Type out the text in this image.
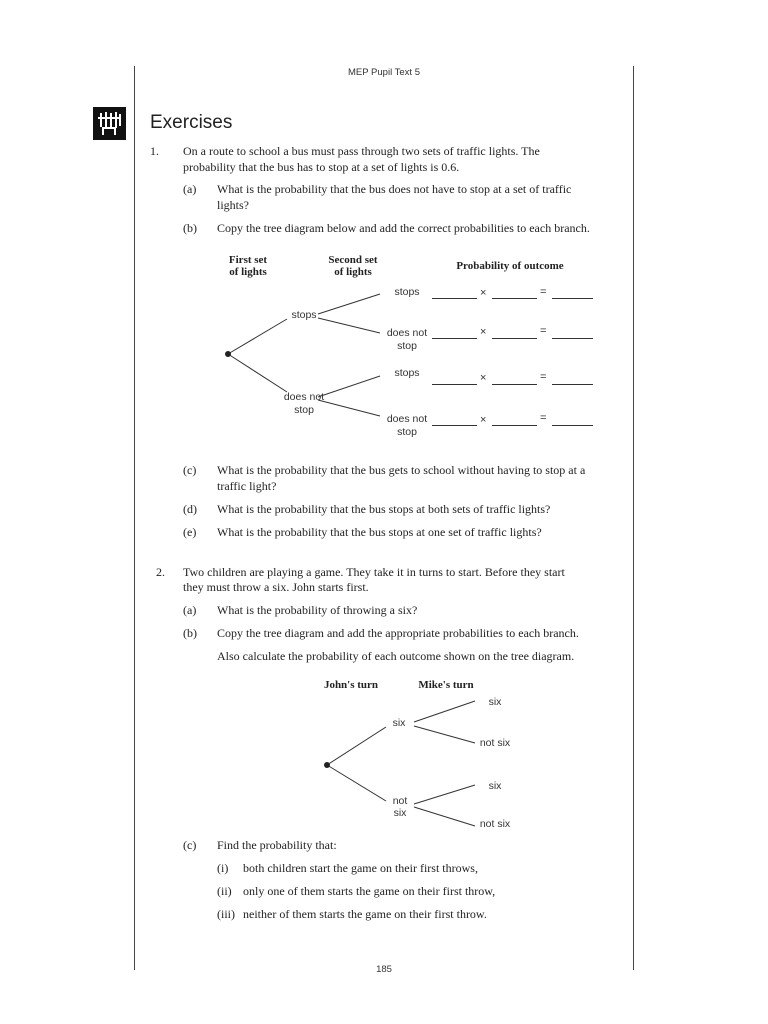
MEP Pupil Text 5
Exercises
1. On a route to school a bus must pass through two sets of traffic lights. The
probability that the bus has to stop at a set of lights is 0.6.
(a) What is the probability that the bus does not have to stop at a set of traffic
lights?
(b) Copy the tree diagram below and add the correct probabilities to each branch.
First set
of lights
Second set
of lights	Probability of outcome
stops
does not
stop
stops
does not
stop
stops
does not
stop
×	=
×	=
×	=
×	=
(c) What is the probability that the bus gets to school without having to stop at a
traffic light?
(d) What is the probability that the bus stops at both sets of traffic lights?
(e) What is the probability that the bus stops at one set of traffic lights?
2. Two children are playing a game. They take it in turns to start. Before they start
they must throw a six. John starts first.
(a) What is the probability of throwing a six?
(b) Copy the tree diagram and add the appropriate probabilities to each branch.
Also calculate the probability of each outcome shown on the tree diagram.
John's turn	Mike's turn
six
not
six
six
not six
six
not six
(c) Find the probability that:
(i) both children start the game on their first throws,
(ii) only one of them starts the game on their first throw,
(iii) neither of them starts the game on their first throw.
185
